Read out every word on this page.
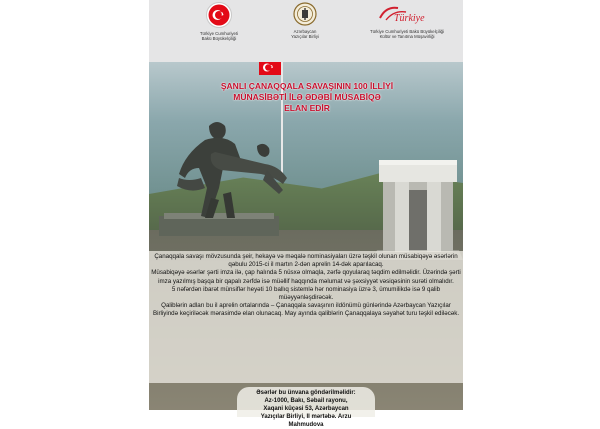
Türkiye Cumhuriyeti
Bakü Büyükelçiliği
Azərbaycan
Yazıçılar Birliyi
Türkiye
Türkiye Cumhuriyeti Bakü Büyükelçiliği
Kültür ve Tanıtma Müşavirliği
ŞANLI ÇANAQQALA SAVAŞININ 100 İLLİYİ
MÜNASİBƏTİ İLƏ ƏDƏBİ MÜSABİQƏ
ELAN EDİR

Çanaqqala savaşı mövzusunda şeir, hekayə və məqalə nominasiyaları üzrə təşkil olunan müsabiqəyə əsərlərin qəbulu 2015-ci il martın 2-dən aprelin 14-dək aparılacaq.

Müsabiqəyə əsərlər şərti imza ilə, çap halında 5 nüsxə olmaqla, zərfə qoyularaq təqdim edilməlidir. Üzərində şərti imza yazılmış başqa bir qapalı zərfdə isə müəllif haqqında məlumat və şəxsiyyət vəsiqəsinin surəti olmalıdır.

5 nəfərdən ibarət münsiflər heyəti 10 ballıq sistemlə hər nominasiya üzrə 3, ümumilikdə isə 9 qalib müəyyənləşdirəcək.

Qaliblərin adları bu il aprelin ortalarında – Çanaqqala savaşının ildönümü günlərində Azərbaycan Yazıçılar Birliyində keçiriləcək mərasimdə elan olunacaq. May ayında qaliblərin Çanaqqalaya səyahət turu təşkil ediləcək.

Əsərlər bu ünvana göndərilməlidir:
Az-1000, Bakı, Səbail rayonu,
Xaqani küçəsi 53, Azərbaycan
Yazıçılar Birliyi, II mərtəbə. Arzu
Mahmudova
